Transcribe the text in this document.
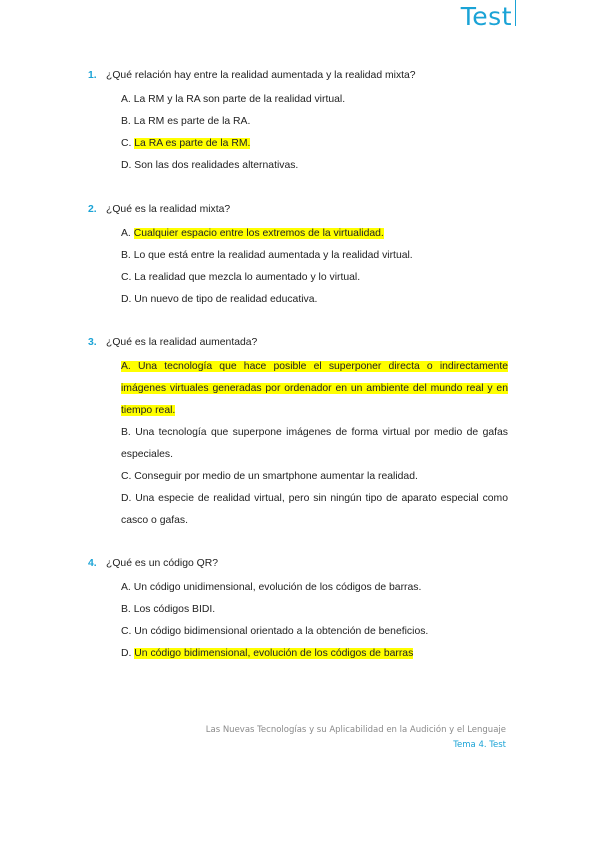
Test
1. ¿Qué relación hay entre la realidad aumentada y la realidad mixta?
A. La RM y la RA son parte de la realidad virtual.
B. La RM es parte de la RA.
C. La RA es parte de la RM.
D. Son las dos realidades alternativas.
2. ¿Qué es la realidad mixta?
A. Cualquier espacio entre los extremos de la virtualidad.
B. Lo que está entre la realidad aumentada y la realidad virtual.
C. La realidad que mezcla lo aumentado y lo virtual.
D. Un nuevo de tipo de realidad educativa.
3. ¿Qué es la realidad aumentada?
A. Una tecnología que hace posible el superponer directa o indirectamente imágenes virtuales generadas por ordenador en un ambiente del mundo real y en tiempo real.
B. Una tecnología que superpone imágenes de forma virtual por medio de gafas especiales.
C. Conseguir por medio de un smartphone aumentar la realidad.
D. Una especie de realidad virtual, pero sin ningún tipo de aparato especial como casco o gafas.
4. ¿Qué es un código QR?
A. Un código unidimensional, evolución de los códigos de barras.
B. Los códigos BIDI.
C. Un código bidimensional orientado a la obtención de beneficios.
D. Un código bidimensional, evolución de los códigos de barras
Las Nuevas Tecnologías y su Aplicabilidad en la Audición y el Lenguaje
Tema 4. Test
